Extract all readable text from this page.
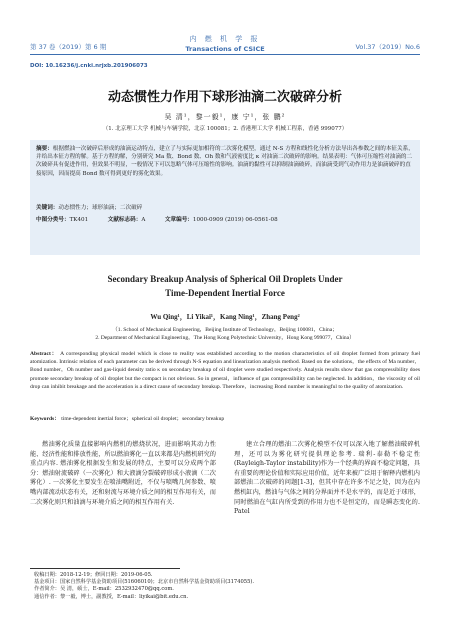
第 37 卷（2019）第 6 期
内 燃 机 学 报
Transactions of CSICE	Vol.37（2019）No.6
DOI: 10.16236/j.cnki.nrjxb.201906073
动态惯性力作用下球形油滴二次破碎分析
吴 清¹，黎一毅¹，康 宁¹，张 鹏²
（1. 北京理工大学 机械与车辆学院，北京 100081；2. 香港理工大学 机械工程系，香港 999077）

摘要：根据燃油一次破碎后形成的油滴运动特点，建立了与实际更加相符的二次雾化模型，通过 N-S 方程和线性化分析方法导出各参数之间的本征关系，并给出本征方程的解。基于方程的解，分别研究 Ma 数、Bond 数、Oh 数和气液密度比 κ 对油滴二次破碎的影响。结果表明：气体可压缩性对油滴的二次破碎具有促进作用，但效果不明显，一般情况下可以忽略气体可压缩性的影响。油滴的黏性可以抑制油滴破碎，而油滴受到气动作用力是油滴破碎的直接原因，因而提高 Bond 数可得到更好的雾化效果。

关键词：动态惯性力；球形油滴；二次破碎

中图分类号：TK401	文献标志码：A	文章编号：1000-0909 (2019) 06-0561-08

Secondary Breakup Analysis of Spherical Oil Droplets Under
Time-Dependent Inertial Force
Wu Qing¹，Li Yikai¹，Kang Ning¹，Zhang Peng²
（1. School of Mechanical Engineering，Beijing Institute of Technology，Beijing 100081，China；
2. Department of Mechanical Engineering，The Hong Kong Polytechnic University，Hong Kong 999077，China）

Abstract： A corresponding physical model which is close to reality was established according to the motion characteristics of oil droplet formed from primary fuel atomization. Intrinsic relation of each parameter can be derived through N-S equation and linearization analysis method. Based on the solutions，the effects of Ma number，Bond number，Oh number and gas-liquid density ratio κ on secondary breakup of oil droplet were studied respectively. Analysis results show that gas compressibility does promote secondary breakup of oil droplet but the compact is not obvious. So in general，influence of gas compressibility can be neglected. In addition，the viscosity of oil drop can inhibit breakage and the acceleration is a direct cause of secondary breakup. Therefore，increasing Bond number is meaningful to the quality of atomization.

Keywords： time-dependent inertial force；spherical oil droplet；secondary breakup

燃油雾化质量直接影响内燃机的燃烧状况，进而影响其动力性能、经济性能和排放性能，所以燃油雾化一直以来都是内燃机研究的重点内容. 燃油雾化根据发生和发展的特点，主要可以分成两个部分：燃油射流破碎（一次雾化）和大液滴分裂破碎形成小液滴（二次雾化）. 一次雾化主要发生在喷油嘴附近，不仅与喷嘴几何参数、喷嘴内部流动状态有关，还和射流与环境介质之间的相互作用有关，而二次雾化则只和油滴与环境介质之间的相互作用有关.

建立合理的燃油二次雾化模型不仅可以深入地了解燃油破碎机理，还可以为雾化研究提供理论参考. 瑞利-泰勒不稳定性(Rayleigh-Taylor instability)作为一个经典的界面不稳定问题，具有重要的理论价值和实际应用价值，近年来被广泛用于解释内燃机内部燃油二次破碎的问题[1-3]，但其中存在许多不足之处，因为在内燃机缸内，燃油与气体之间的分界面并不是水平的，而是近于球形，同时燃油在气缸内所受到的作用力也不是恒定的，而是瞬态变化的. Patel

收稿日期：2018-12-19；修回日期：2019-06-05.
基金项目：国家自然科学基金资助项目(51606010)；北京市自然科学基金资助项目(3174055).
作者简介：吴 清，硕士，E-mail：2532932470@qq.com.
通信作者：黎一毅，博士，副教授，E-mail：liyikai@bit.edu.cn.
